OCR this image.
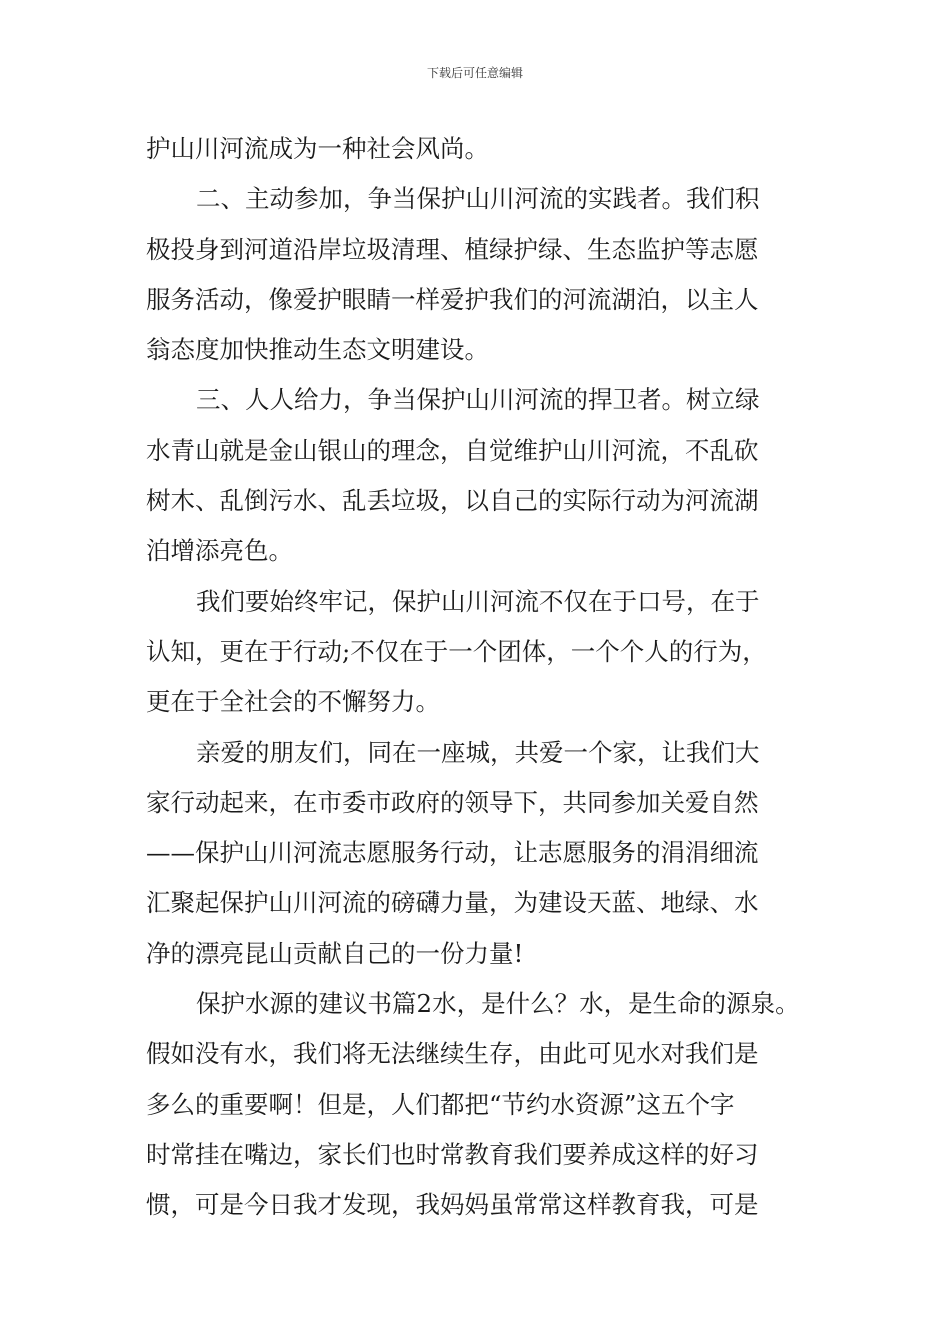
下载后可任意编辑
护山川河流成为一种社会风尚。
二、主动参加，争当保护山川河流的实践者。我们积
极投身到河道沿岸垃圾清理、植绿护绿、生态监护等志愿
服务活动，像爱护眼睛一样爱护我们的河流湖泊，以主人
翁态度加快推动生态文明建设。
三、人人给力，争当保护山川河流的捍卫者。树立绿
水青山就是金山银山的理念，自觉维护山川河流，不乱砍
树木、乱倒污水、乱丢垃圾，以自己的实际行动为河流湖
泊增添亮色。
我们要始终牢记，保护山川河流不仅在于口号，在于
认知，更在于行动;不仅在于一个团体，一个个人的行为，
更在于全社会的不懈努力。
亲爱的朋友们，同在一座城，共爱一个家，让我们大
家行动起来，在市委市政府的领导下，共同参加关爱自然
——保护山川河流志愿服务行动，让志愿服务的涓涓细流
汇聚起保护山川河流的磅礴力量，为建设天蓝、地绿、水
净的漂亮昆山贡献自己的一份力量!
保护水源的建议书篇2水，是什么？水，是生命的源泉。
假如没有水，我们将无法继续生存，由此可见水对我们是
多么的重要啊！但是，人们都把“节约水资源”这五个字
时常挂在嘴边，家长们也时常教育我们要养成这样的好习
惯，可是今日我才发现，我妈妈虽常常这样教育我，可是
